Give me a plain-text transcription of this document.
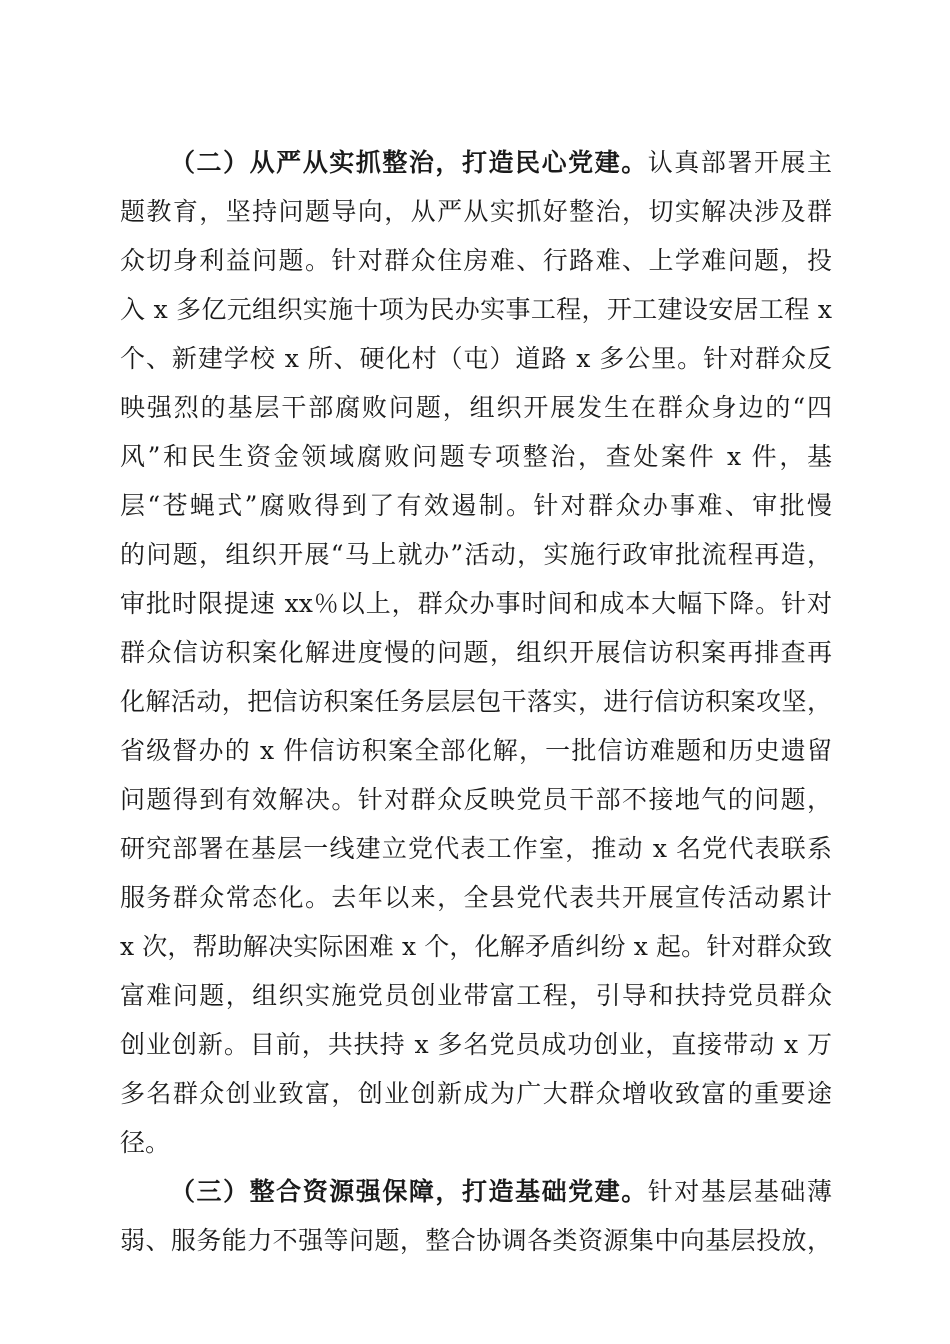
（二）从严从实抓整治，打造民心党建。认真部署开展主
题教育，坚持问题导向，从严从实抓好整治，切实解决涉及群
众切身利益问题。针对群众住房难、行路难、上学难问题，投
入 x 多亿元组织实施十项为民办实事工程，开工建设安居工程 x
个、新建学校 x 所、硬化村（屯）道路 x 多公里。针对群众反
映强烈的基层干部腐败问题，组织开展发生在群众身边的“四
风”和民生资金领域腐败问题专项整治，查处案件 x 件，基
层“苍蝇式”腐败得到了有效遏制。针对群众办事难、审批慢
的问题，组织开展“马上就办”活动，实施行政审批流程再造，
审批时限提速 xx％以上，群众办事时间和成本大幅下降。针对
群众信访积案化解进度慢的问题，组织开展信访积案再排查再
化解活动，把信访积案任务层层包干落实，进行信访积案攻坚，
省级督办的 x 件信访积案全部化解，一批信访难题和历史遗留
问题得到有效解决。针对群众反映党员干部不接地气的问题，
研究部署在基层一线建立党代表工作室，推动 x 名党代表联系
服务群众常态化。去年以来，全县党代表共开展宣传活动累计
x 次，帮助解决实际困难 x 个，化解矛盾纠纷 x 起。针对群众致
富难问题，组织实施党员创业带富工程，引导和扶持党员群众
创业创新。目前，共扶持 x 多名党员成功创业，直接带动 x 万
多名群众创业致富，创业创新成为广大群众增收致富的重要途
径。
（三）整合资源强保障，打造基础党建。针对基层基础薄
弱、服务能力不强等问题，整合协调各类资源集中向基层投放，
